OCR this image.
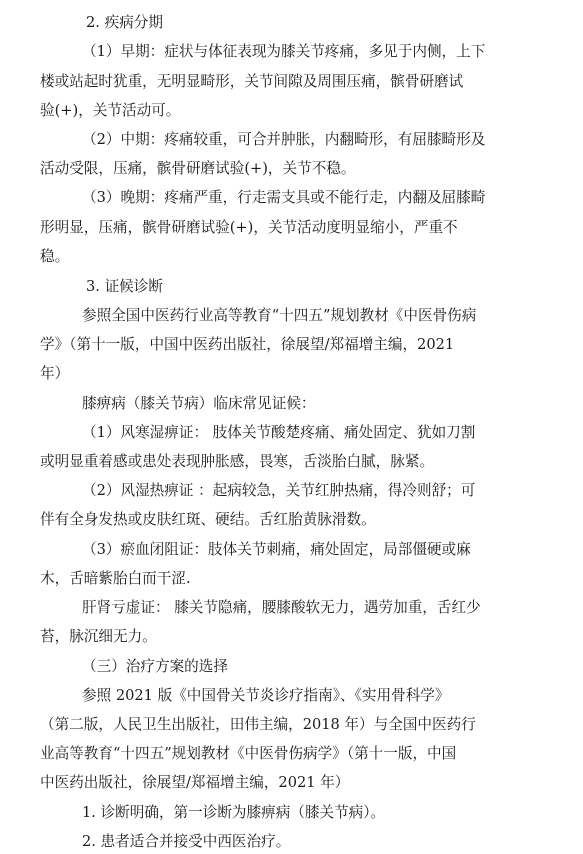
2. 疾病分期
（1）早期：症状与体征表现为膝关节疼痛，多见于内侧，上下
楼或站起时犹重，无明显畸形，关节间隙及周围压痛，髌骨研磨试
验(+)，关节活动可。
（2）中期：疼痛较重，可合并肿胀，内翻畸形，有屈膝畸形及
活动受限，压痛，髌骨研磨试验(+)，关节不稳。
（3）晚期：疼痛严重，行走需支具或不能行走，内翻及屈膝畸
形明显，压痛，髌骨研磨试验(+)，关节活动度明显缩小，严重不
稳。
3. 证候诊断
参照全国中医药行业高等教育“十四五”规划教材《中医骨伤病
学》（第十一版，中国中医药出版社，徐展望/郑福增主编，2021
年）
膝痹病（膝关节病）临床常见证候：
（1）风寒湿痹证： 肢体关节酸楚疼痛、痛处固定、犹如刀割
或明显重着感或患处表现肿胀感，畏寒，舌淡胎白腻，脉紧。
（2）风湿热痹证 ：起病较急，关节红肿热痛，得冷则舒；可
伴有全身发热或皮肤红斑、硬结。舌红胎黄脉滑数。
（3）瘀血闭阻证：肢体关节刺痛，痛处固定，局部僵硬或麻
木，舌暗紫胎白而干涩.
肝肾亏虚证： 膝关节隐痛，腰膝酸软无力，遇劳加重，舌红少
苔，脉沉细无力。
（三）治疗方案的选择
参照 2021 版《中国骨关节炎诊疗指南》、《实用骨科学》
（第二版，人民卫生出版社，田伟主编，2018 年）与全国中医药行
业高等教育“十四五”规划教材《中医骨伤病学》（第十一版，中国
中医药出版社，徐展望/郑福增主编，2021 年）
1. 诊断明确，第一诊断为膝痹病（膝关节病）。
2. 患者适合并接受中西医治疗。
